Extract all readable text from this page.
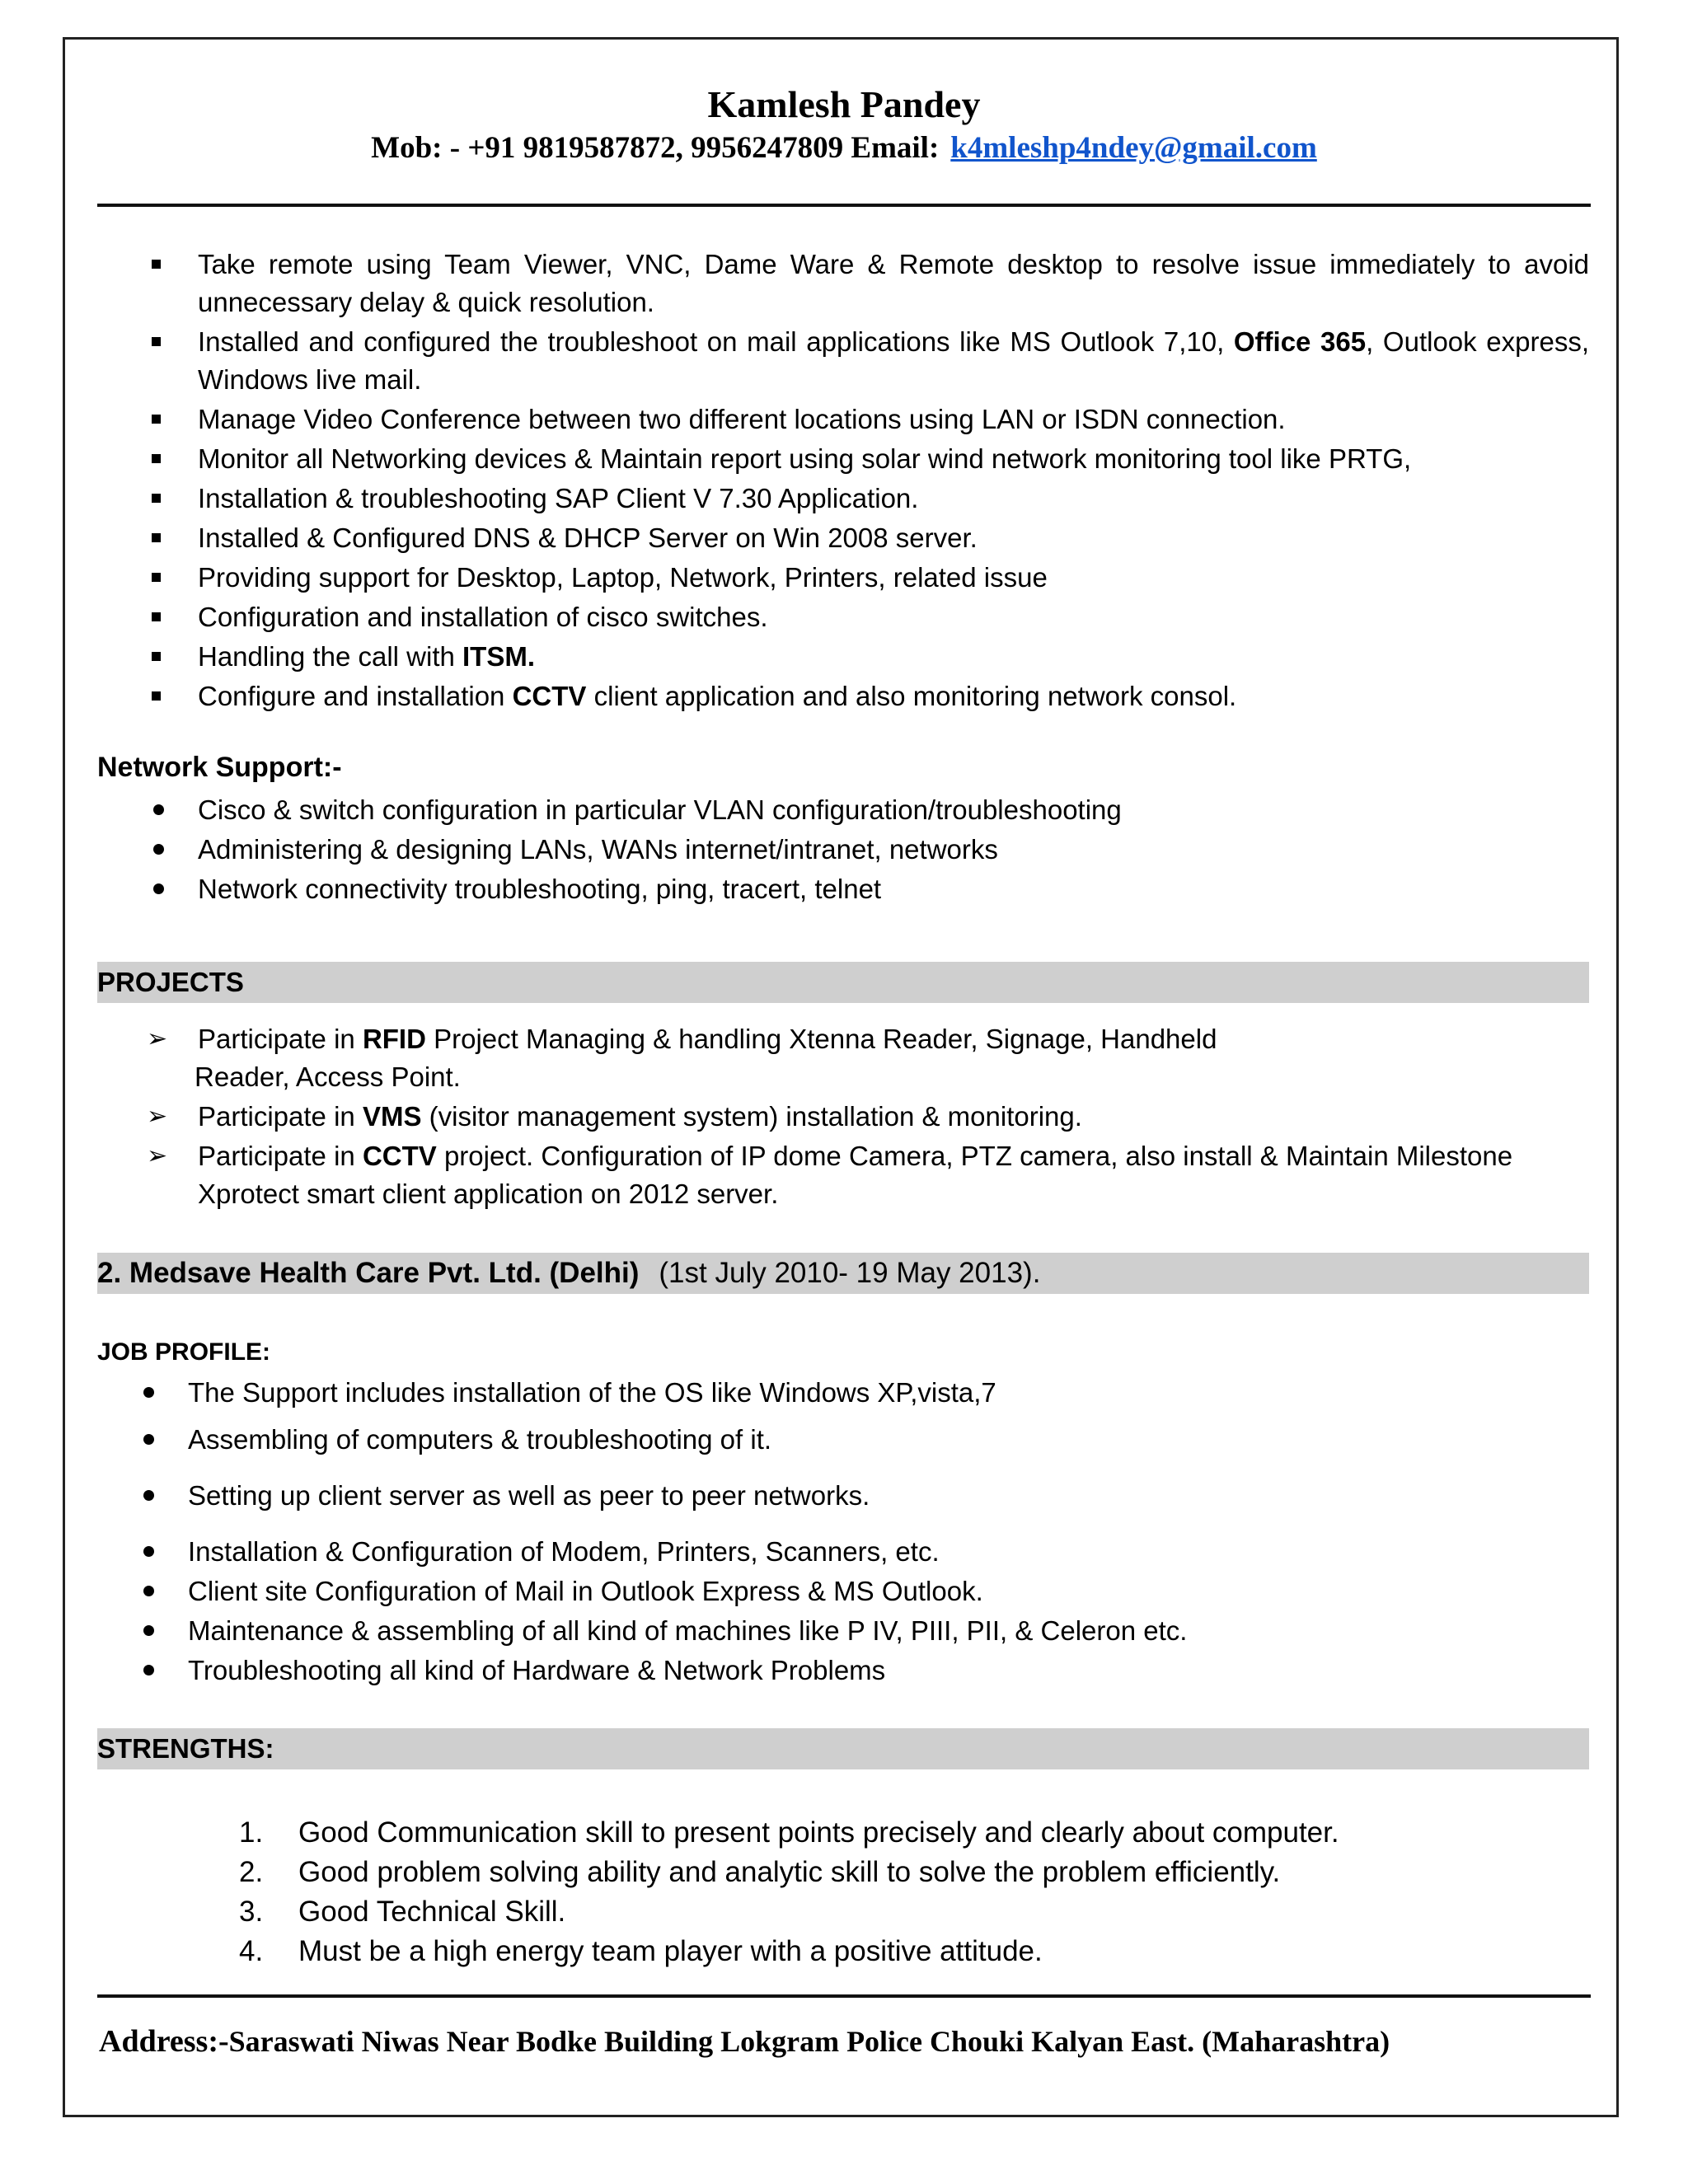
Kamlesh Pandey
Mob: - +91 9819587872, 9956247809 Email: k4mleshp4ndey@gmail.com
Take remote using Team Viewer, VNC, Dame Ware & Remote desktop to resolve issue immediately to avoid unnecessary delay & quick resolution.
Installed and configured the troubleshoot on mail applications like MS Outlook 7,10, Office 365, Outlook express, Windows live mail.
Manage Video Conference between two different locations using LAN or ISDN connection.
Monitor all Networking devices & Maintain report using solar wind network monitoring tool like PRTG,
Installation & troubleshooting SAP Client V 7.30 Application.
Installed & Configured DNS & DHCP Server on Win 2008 server.
Providing support for Desktop, Laptop, Network, Printers, related issue
Configuration and installation of cisco switches.
Handling the call with ITSM.
Configure and installation CCTV client application and also monitoring network consol.
Network Support:-
Cisco & switch configuration in particular VLAN configuration/troubleshooting
Administering & designing LANs, WANs internet/intranet, networks
Network connectivity troubleshooting, ping, tracert, telnet
PROJECTS
➢ Participate in RFID Project Managing & handling Xtenna Reader, Signage, Handheld
Reader, Access Point.
➢ Participate in VMS (visitor management system) installation & monitoring.
➢ Participate in CCTV project. Configuration of IP dome Camera, PTZ camera, also install & Maintain Milestone
Xprotect smart client application on 2012 server.
2. Medsave Health Care Pvt. Ltd. (Delhi) (1st July 2010- 19 May 2013).
JOB PROFILE:
The Support includes installation of the OS like Windows XP,vista,7
Assembling of computers & troubleshooting of it.
Setting up client server as well as peer to peer networks.
Installation & Configuration of Modem, Printers, Scanners, etc.
Client site Configuration of Mail in Outlook Express & MS Outlook.
Maintenance & assembling of all kind of machines like P IV, PIII, PII, & Celeron etc.
Troubleshooting all kind of Hardware & Network Problems
STRENGTHS:
1. Good Communication skill to present points precisely and clearly about computer.
2. Good problem solving ability and analytic skill to solve the problem efficiently.
3. Good Technical Skill.
4. Must be a high energy team player with a positive attitude.
Address:-Saraswati Niwas Near Bodke Building Lokgram Police Chouki Kalyan East. (Maharashtra)
